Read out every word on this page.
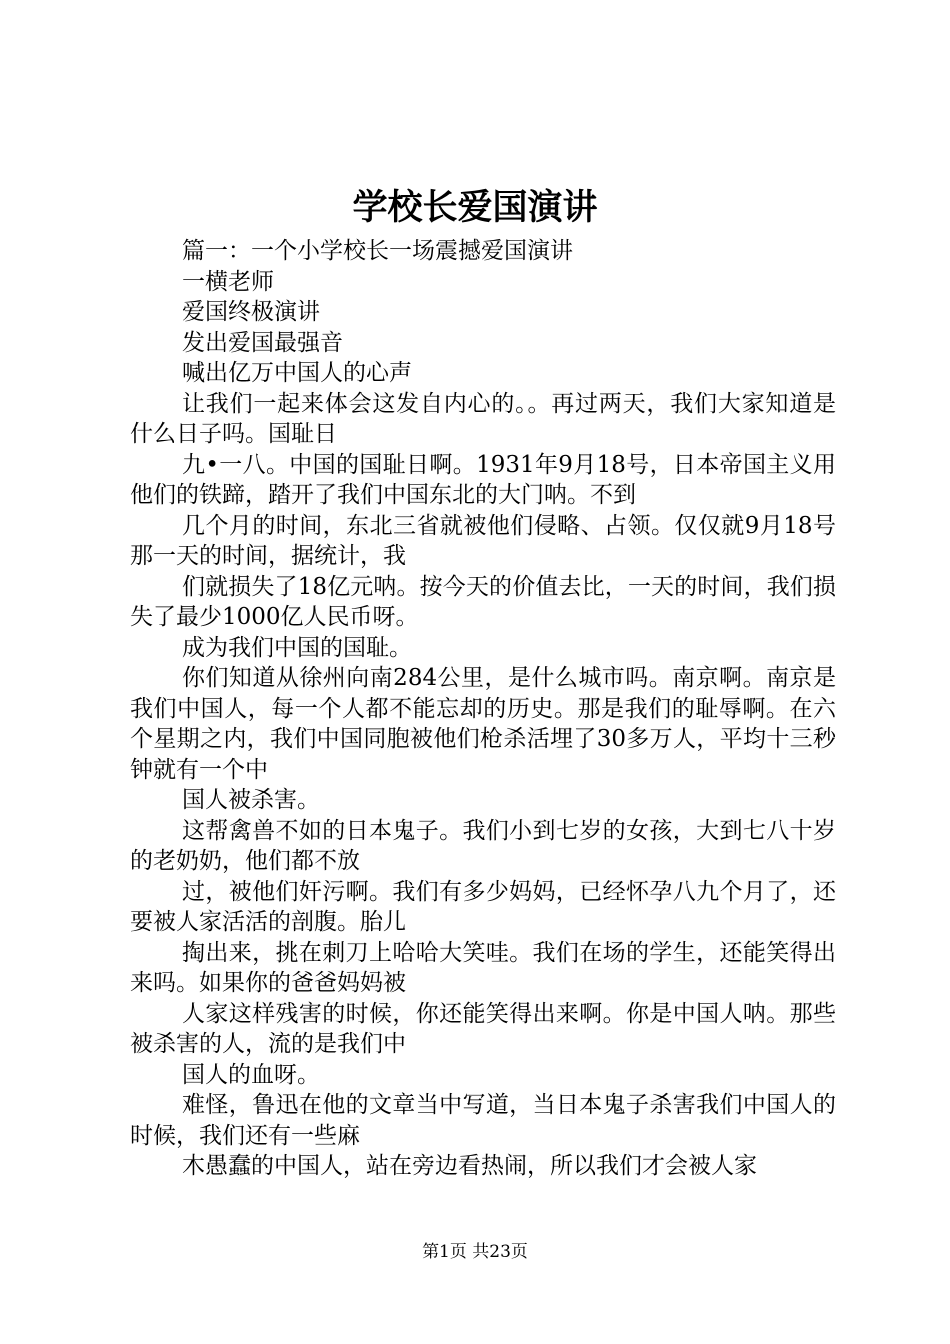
学校长爱国演讲

篇一：一个小学校长一场震撼爱国演讲

一横老师

爱国终极演讲

发出爱国最强音

喊出亿万中国人的心声

让我们一起来体会这发自内心的。。再过两天，我们大家知道是什么日子吗。国耻日

九•一八。中国的国耻日啊。1931年9月18号，日本帝国主义用他们的铁蹄，踏开了我们中国东北的大门呐。不到

几个月的时间，东北三省就被他们侵略、占领。仅仅就9月18号那一天的时间，据统计，我

们就损失了18亿元呐。按今天的价值去比，一天的时间，我们损失了最少1000亿人民币呀。

成为我们中国的国耻。

你们知道从徐州向南284公里，是什么城市吗。南京啊。南京是我们中国人，每一个人都不能忘却的历史。那是我们的耻辱啊。在六个星期之内，我们中国同胞被他们枪杀活埋了30多万人，平均十三秒钟就有一个中

国人被杀害。

这帮禽兽不如的日本鬼子。我们小到七岁的女孩，大到七八十岁的老奶奶，他们都不放

过，被他们奸污啊。我们有多少妈妈，已经怀孕八九个月了，还要被人家活活的剖腹。胎儿

掏出来，挑在刺刀上哈哈大笑哇。我们在场的学生，还能笑得出来吗。如果你的爸爸妈妈被

人家这样残害的时候，你还能笑得出来啊。你是中国人呐。那些被杀害的人，流的是我们中

国人的血呀。

难怪，鲁迅在他的文章当中写道，当日本鬼子杀害我们中国人的时候，我们还有一些麻

木愚蠢的中国人，站在旁边看热闹，所以我们才会被人家

第1页 共23页
